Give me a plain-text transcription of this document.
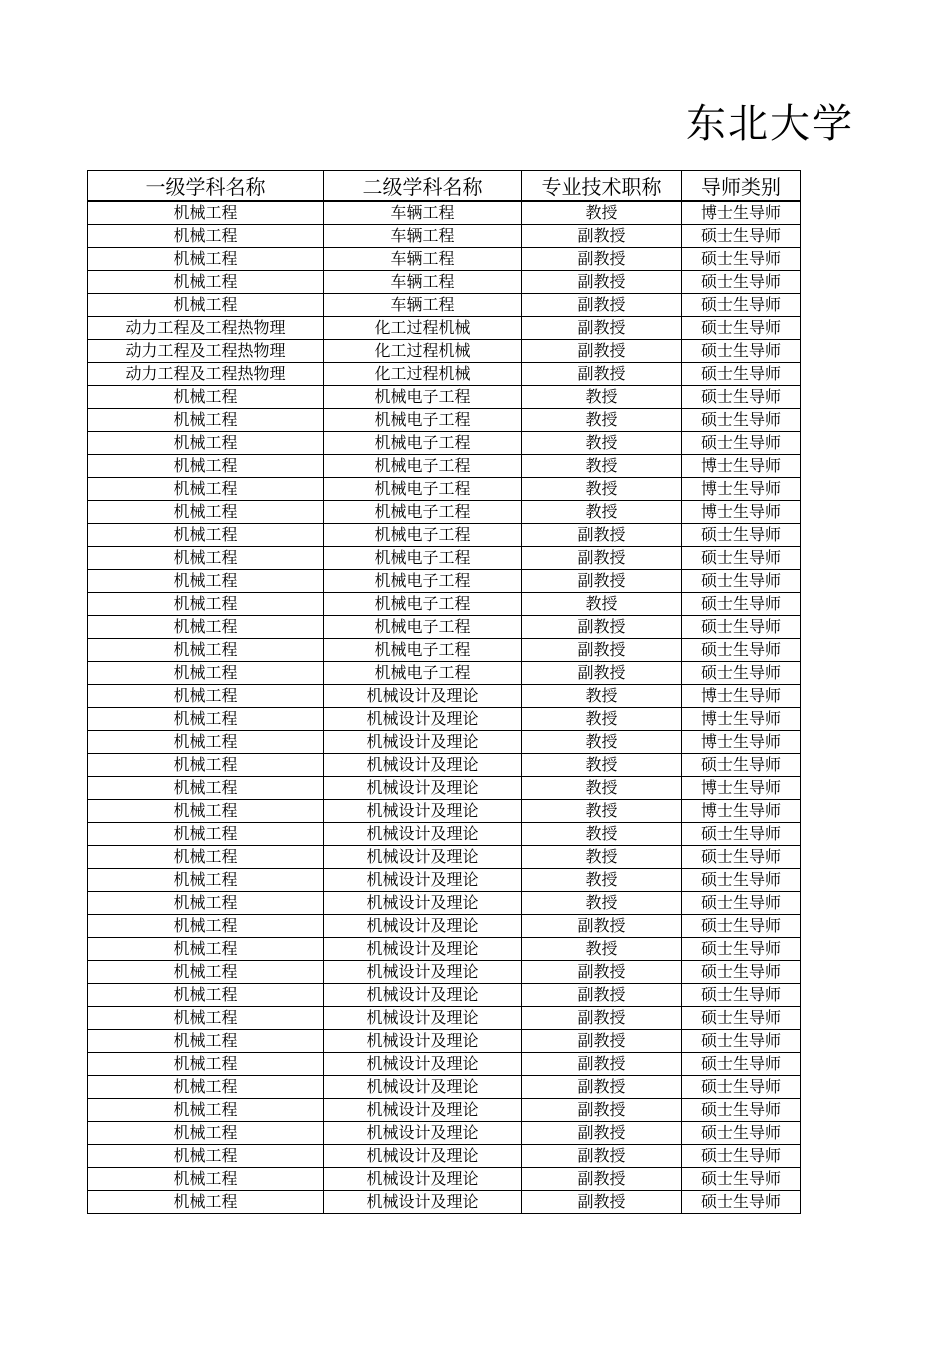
东北大学
一级学科名称	二级学科名称	专业技术职称	导师类别
机械工程	车辆工程	教授	博士生导师
机械工程	车辆工程	副教授	硕士生导师
机械工程	车辆工程	副教授	硕士生导师
机械工程	车辆工程	副教授	硕士生导师
机械工程	车辆工程	副教授	硕士生导师
动力工程及工程热物理	化工过程机械	副教授	硕士生导师
动力工程及工程热物理	化工过程机械	副教授	硕士生导师
动力工程及工程热物理	化工过程机械	副教授	硕士生导师
机械工程	机械电子工程	教授	硕士生导师
机械工程	机械电子工程	教授	硕士生导师
机械工程	机械电子工程	教授	硕士生导师
机械工程	机械电子工程	教授	博士生导师
机械工程	机械电子工程	教授	博士生导师
机械工程	机械电子工程	教授	博士生导师
机械工程	机械电子工程	副教授	硕士生导师
机械工程	机械电子工程	副教授	硕士生导师
机械工程	机械电子工程	副教授	硕士生导师
机械工程	机械电子工程	教授	硕士生导师
机械工程	机械电子工程	副教授	硕士生导师
机械工程	机械电子工程	副教授	硕士生导师
机械工程	机械电子工程	副教授	硕士生导师
机械工程	机械设计及理论	教授	博士生导师
机械工程	机械设计及理论	教授	博士生导师
机械工程	机械设计及理论	教授	博士生导师
机械工程	机械设计及理论	教授	硕士生导师
机械工程	机械设计及理论	教授	博士生导师
机械工程	机械设计及理论	教授	博士生导师
机械工程	机械设计及理论	教授	硕士生导师
机械工程	机械设计及理论	教授	硕士生导师
机械工程	机械设计及理论	教授	硕士生导师
机械工程	机械设计及理论	教授	硕士生导师
机械工程	机械设计及理论	副教授	硕士生导师
机械工程	机械设计及理论	教授	硕士生导师
机械工程	机械设计及理论	副教授	硕士生导师
机械工程	机械设计及理论	副教授	硕士生导师
机械工程	机械设计及理论	副教授	硕士生导师
机械工程	机械设计及理论	副教授	硕士生导师
机械工程	机械设计及理论	副教授	硕士生导师
机械工程	机械设计及理论	副教授	硕士生导师
机械工程	机械设计及理论	副教授	硕士生导师
机械工程	机械设计及理论	副教授	硕士生导师
机械工程	机械设计及理论	副教授	硕士生导师
机械工程	机械设计及理论	副教授	硕士生导师
机械工程	机械设计及理论	副教授	硕士生导师
